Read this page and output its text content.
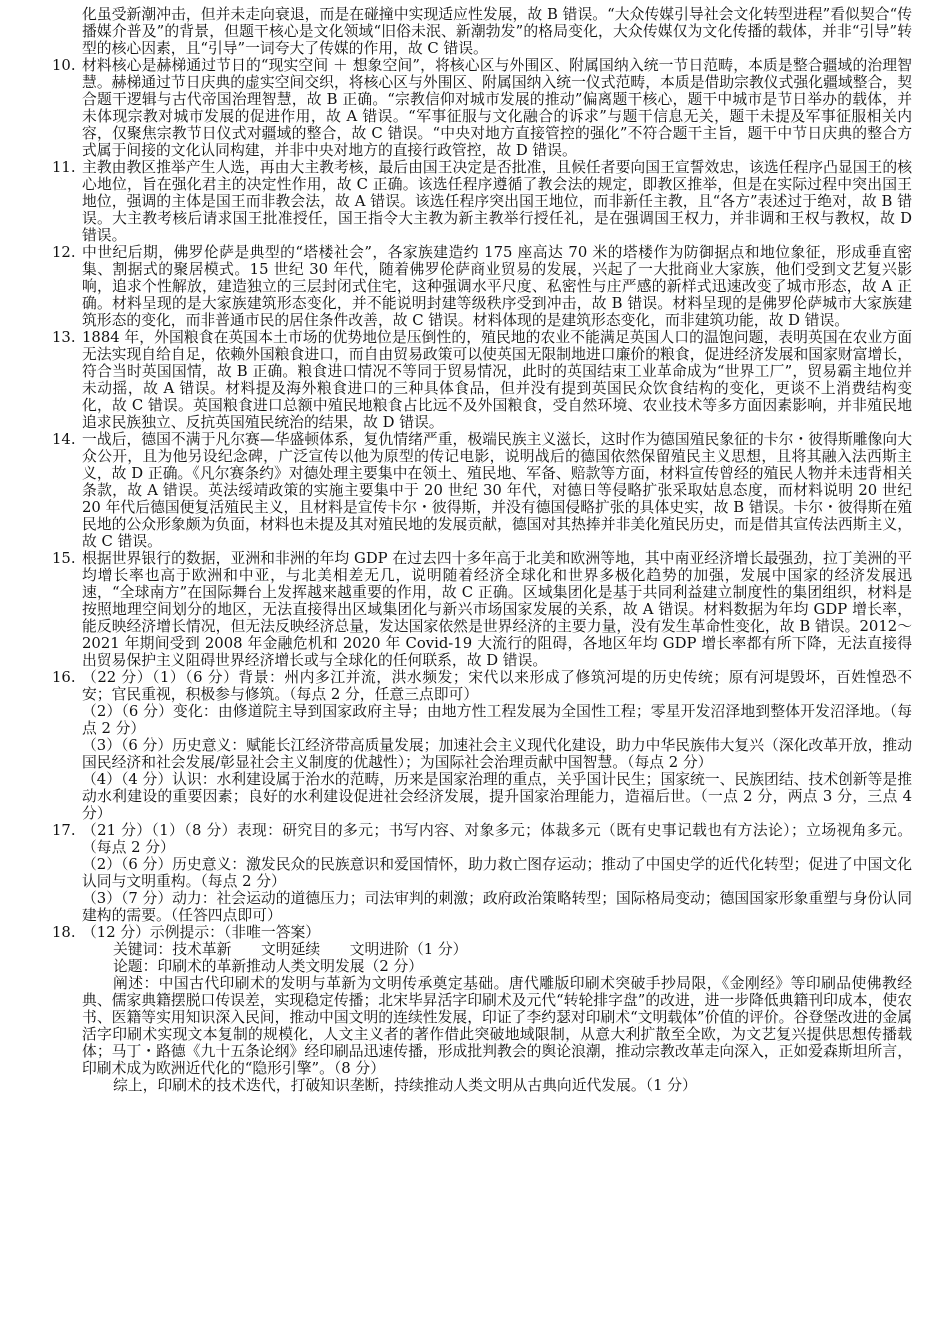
化虽受新潮冲击，但并未走向衰退，而是在碰撞中实现适应性发展，故 B 错误。“大众传媒引导社会文化转型进程”看似契合“传播媒介普及”的背景，但题干核心是文化领域“旧俗未泯、新潮勃发”的格局变化，大众传媒仅为文化传播的载体，并非“引导”转型的核心因素，且“引导”一词夸大了传媒的作用，故 C 错误。
10. 材料核心是赫梯通过节日的“现实空间 ＋ 想象空间”，将核心区与外围区、附属国纳入统一节日范畴，本质是整合疆域的治理智慧。赫梯通过节日庆典的虚实空间交织，将核心区与外围区、附属国纳入统一仪式范畴，本质是借助宗教仪式强化疆域整合，契合题干逻辑与古代帝国治理智慧，故 B 正确。“宗教信仰对城市发展的推动”偏离题干核心，题干中城市是节日举办的载体，并未体现宗教对城市发展的促进作用，故 A 错误。“军事征服与文化融合的诉求”与题干信息无关，题干未提及军事征服相关内容，仅聚焦宗教节日仪式对疆域的整合，故 C 错误。“中央对地方直接管控的强化”不符合题干主旨，题干中节日庆典的整合方式属于间接的文化认同构建，并非中央对地方的直接行政管控，故 D 错误。
11. 主教由教区推举产生人选，再由大主教考核，最后由国王决定是否批准，且候任者要向国王宣誓效忠，该选任程序凸显国王的核心地位，旨在强化君主的决定性作用，故 C 正确。该选任程序遵循了教会法的规定，即教区推举，但是在实际过程中突出国王地位，强调的主体是国王而非教会法，故 A 错误。该选任程序突出国王地位，而非新任主教，且“各方”表述过于绝对，故 B 错误。大主教考核后请求国王批准授任，国王指令大主教为新主教举行授任礼，是在强调国王权力，并非调和王权与教权，故 D 错误。
12. 中世纪后期，佛罗伦萨是典型的“塔楼社会”，各家族建造约 175 座高达 70 米的塔楼作为防御据点和地位象征，形成垂直密集、割据式的聚居模式。15 世纪 30 年代，随着佛罗伦萨商业贸易的发展，兴起了一大批商业大家族，他们受到文艺复兴影响，追求个性解放，建造独立的三层封闭式住宅，这种强调水平尺度、私密性与庄严感的新样式迅速改变了城市形态，故 A 正确。材料呈现的是大家族建筑形态变化，并不能说明封建等级秩序受到冲击，故 B 错误。材料呈现的是佛罗伦萨城市大家族建筑形态的变化，而非普通市民的居住条件改善，故 C 错误。材料体现的是建筑形态变化，而非建筑功能，故 D 错误。
13. 1884 年，外国粮食在英国本土市场的优势地位是压倒性的，殖民地的农业不能满足英国人口的温饱问题，表明英国在农业方面无法实现自给自足，依赖外国粮食进口，而自由贸易政策可以使英国无限制地进口廉价的粮食，促进经济发展和国家财富增长，符合当时英国国情，故 B 正确。粮食进口情况不等同于贸易情况，此时的英国结束工业革命成为“世界工厂”，贸易霸主地位并未动摇，故 A 错误。材料提及海外粮食进口的三种具体食品，但并没有提到英国民众饮食结构的变化，更谈不上消费结构变化，故 C 错误。英国粮食进口总额中殖民地粮食占比远不及外国粮食，受自然环境、农业技术等多方面因素影响，并非殖民地追求民族独立、反抗英国殖民统治的结果，故 D 错误。
14. 一战后，德国不满于凡尔赛—华盛顿体系，复仇情绪严重，极端民族主义滋长，这时作为德国殖民象征的卡尔・彼得斯雕像向大众公开，且为他另设纪念碑，广泛宣传以他为原型的传记电影，说明战后的德国依然保留殖民主义思想，且将其融入法西斯主义，故 D 正确。《凡尔赛条约》对德处理主要集中在领土、殖民地、军备、赔款等方面，材料宣传曾经的殖民人物并未违背相关条款，故 A 错误。英法绥靖政策的实施主要集中于 20 世纪 30 年代，对德日等侵略扩张采取姑息态度，而材料说明 20 世纪 20 年代后德国便复活殖民主义，且材料是宣传卡尔・彼得斯，并没有德国侵略扩张的具体史实，故 B 错误。卡尔・彼得斯在殖民地的公众形象颇为负面，材料也未提及其对殖民地的发展贡献，德国对其热捧并非美化殖民历史，而是借其宣传法西斯主义，故 C 错误。
15. 根据世界银行的数据，亚洲和非洲的年均 GDP 在过去四十多年高于北美和欧洲等地，其中南亚经济增长最强劲，拉丁美洲的平均增长率也高于欧洲和中亚，与北美相差无几，说明随着经济全球化和世界多极化趋势的加强，发展中国家的经济发展迅速，“全球南方”在国际舞台上发挥越来越重要的作用，故 C 正确。区域集团化是基于共同利益建立制度性的集团组织，材料是按照地理空间划分的地区，无法直接得出区域集团化与新兴市场国家发展的关系，故 A 错误。材料数据为年均 GDP 增长率，能反映经济增长情况，但无法反映经济总量，发达国家依然是世界经济的主要力量，没有发生革命性变化，故 B 错误。2012～2021 年期间受到 2008 年金融危机和 2020 年 Covid-19 大流行的阻碍，各地区年均 GDP 增长率都有所下降，无法直接得出贸易保护主义阻碍世界经济增长或与全球化的任何联系，故 D 错误。
16. （22 分）（1）（6 分）背景：州内多江并流，洪水频发；宋代以来形成了修筑河堤的历史传统；原有河堤毁坏，百姓惶恐不安；官民重视，积极参与修筑。（每点 2 分，任意三点即可）
（2）（6 分）变化：由修道院主导到国家政府主导；由地方性工程发展为全国性工程；零星开发沼泽地到整体开发沼泽地。（每点 2 分）
（3）（6 分）历史意义：赋能长江经济带高质量发展；加速社会主义现代化建设，助力中华民族伟大复兴（深化改革开放，推动国民经济和社会发展/彰显社会主义制度的优越性）；为国际社会治理贡献中国智慧。（每点 2 分）
（4）（4 分）认识：水利建设属于治水的范畴，历来是国家治理的重点，关乎国计民生；国家统一、民族团结、技术创新等是推动水利建设的重要因素；良好的水利建设促进社会经济发展，提升国家治理能力，造福后世。（一点 2 分，两点 3 分，三点 4 分）
17. （21 分）（1）（8 分）表现：研究目的多元；书写内容、对象多元；体裁多元（既有史事记载也有方法论）；立场视角多元。（每点 2 分）
（2）（6 分）历史意义：激发民众的民族意识和爱国情怀，助力救亡图存运动；推动了中国史学的近代化转型；促进了中国文化认同与文明重构。（每点 2 分）
（3）（7 分）动力：社会运动的道德压力；司法审判的刺激；政府政治策略转型；国际格局变动；德国国家形象重塑与身份认同建构的需要。（任答四点即可）
18. （12 分）示例提示：（非唯一答案）
关键词：技术革新　　文明延续　　文明进阶（1 分）
论题：印刷术的革新推动人类文明发展（2 分）
阐述：中国古代印刷术的发明与革新为文明传承奠定基础。唐代雕版印刷术突破手抄局限，《金刚经》等印刷品使佛教经典、儒家典籍摆脱口传误差，实现稳定传播；北宋毕昇活字印刷术及元代“转轮排字盘”的改进，进一步降低典籍刊印成本，使农书、医籍等实用知识深入民间，推动中国文明的连续性发展，印证了李约瑟对印刷术“文明载体”价值的评价。谷登堡改进的金属活字印刷术实现文本复制的规模化，人文主义者的著作借此突破地域限制，从意大利扩散至全欧，为文艺复兴提供思想传播载体；马丁・路德《九十五条论纲》经印刷品迅速传播，形成批判教会的舆论浪潮，推动宗教改革走向深入，正如爱森斯坦所言，印刷术成为欧洲近代化的“隐形引擎”。（8 分）
综上，印刷术的技术迭代，打破知识垄断，持续推动人类文明从古典向近代发展。（1 分）
